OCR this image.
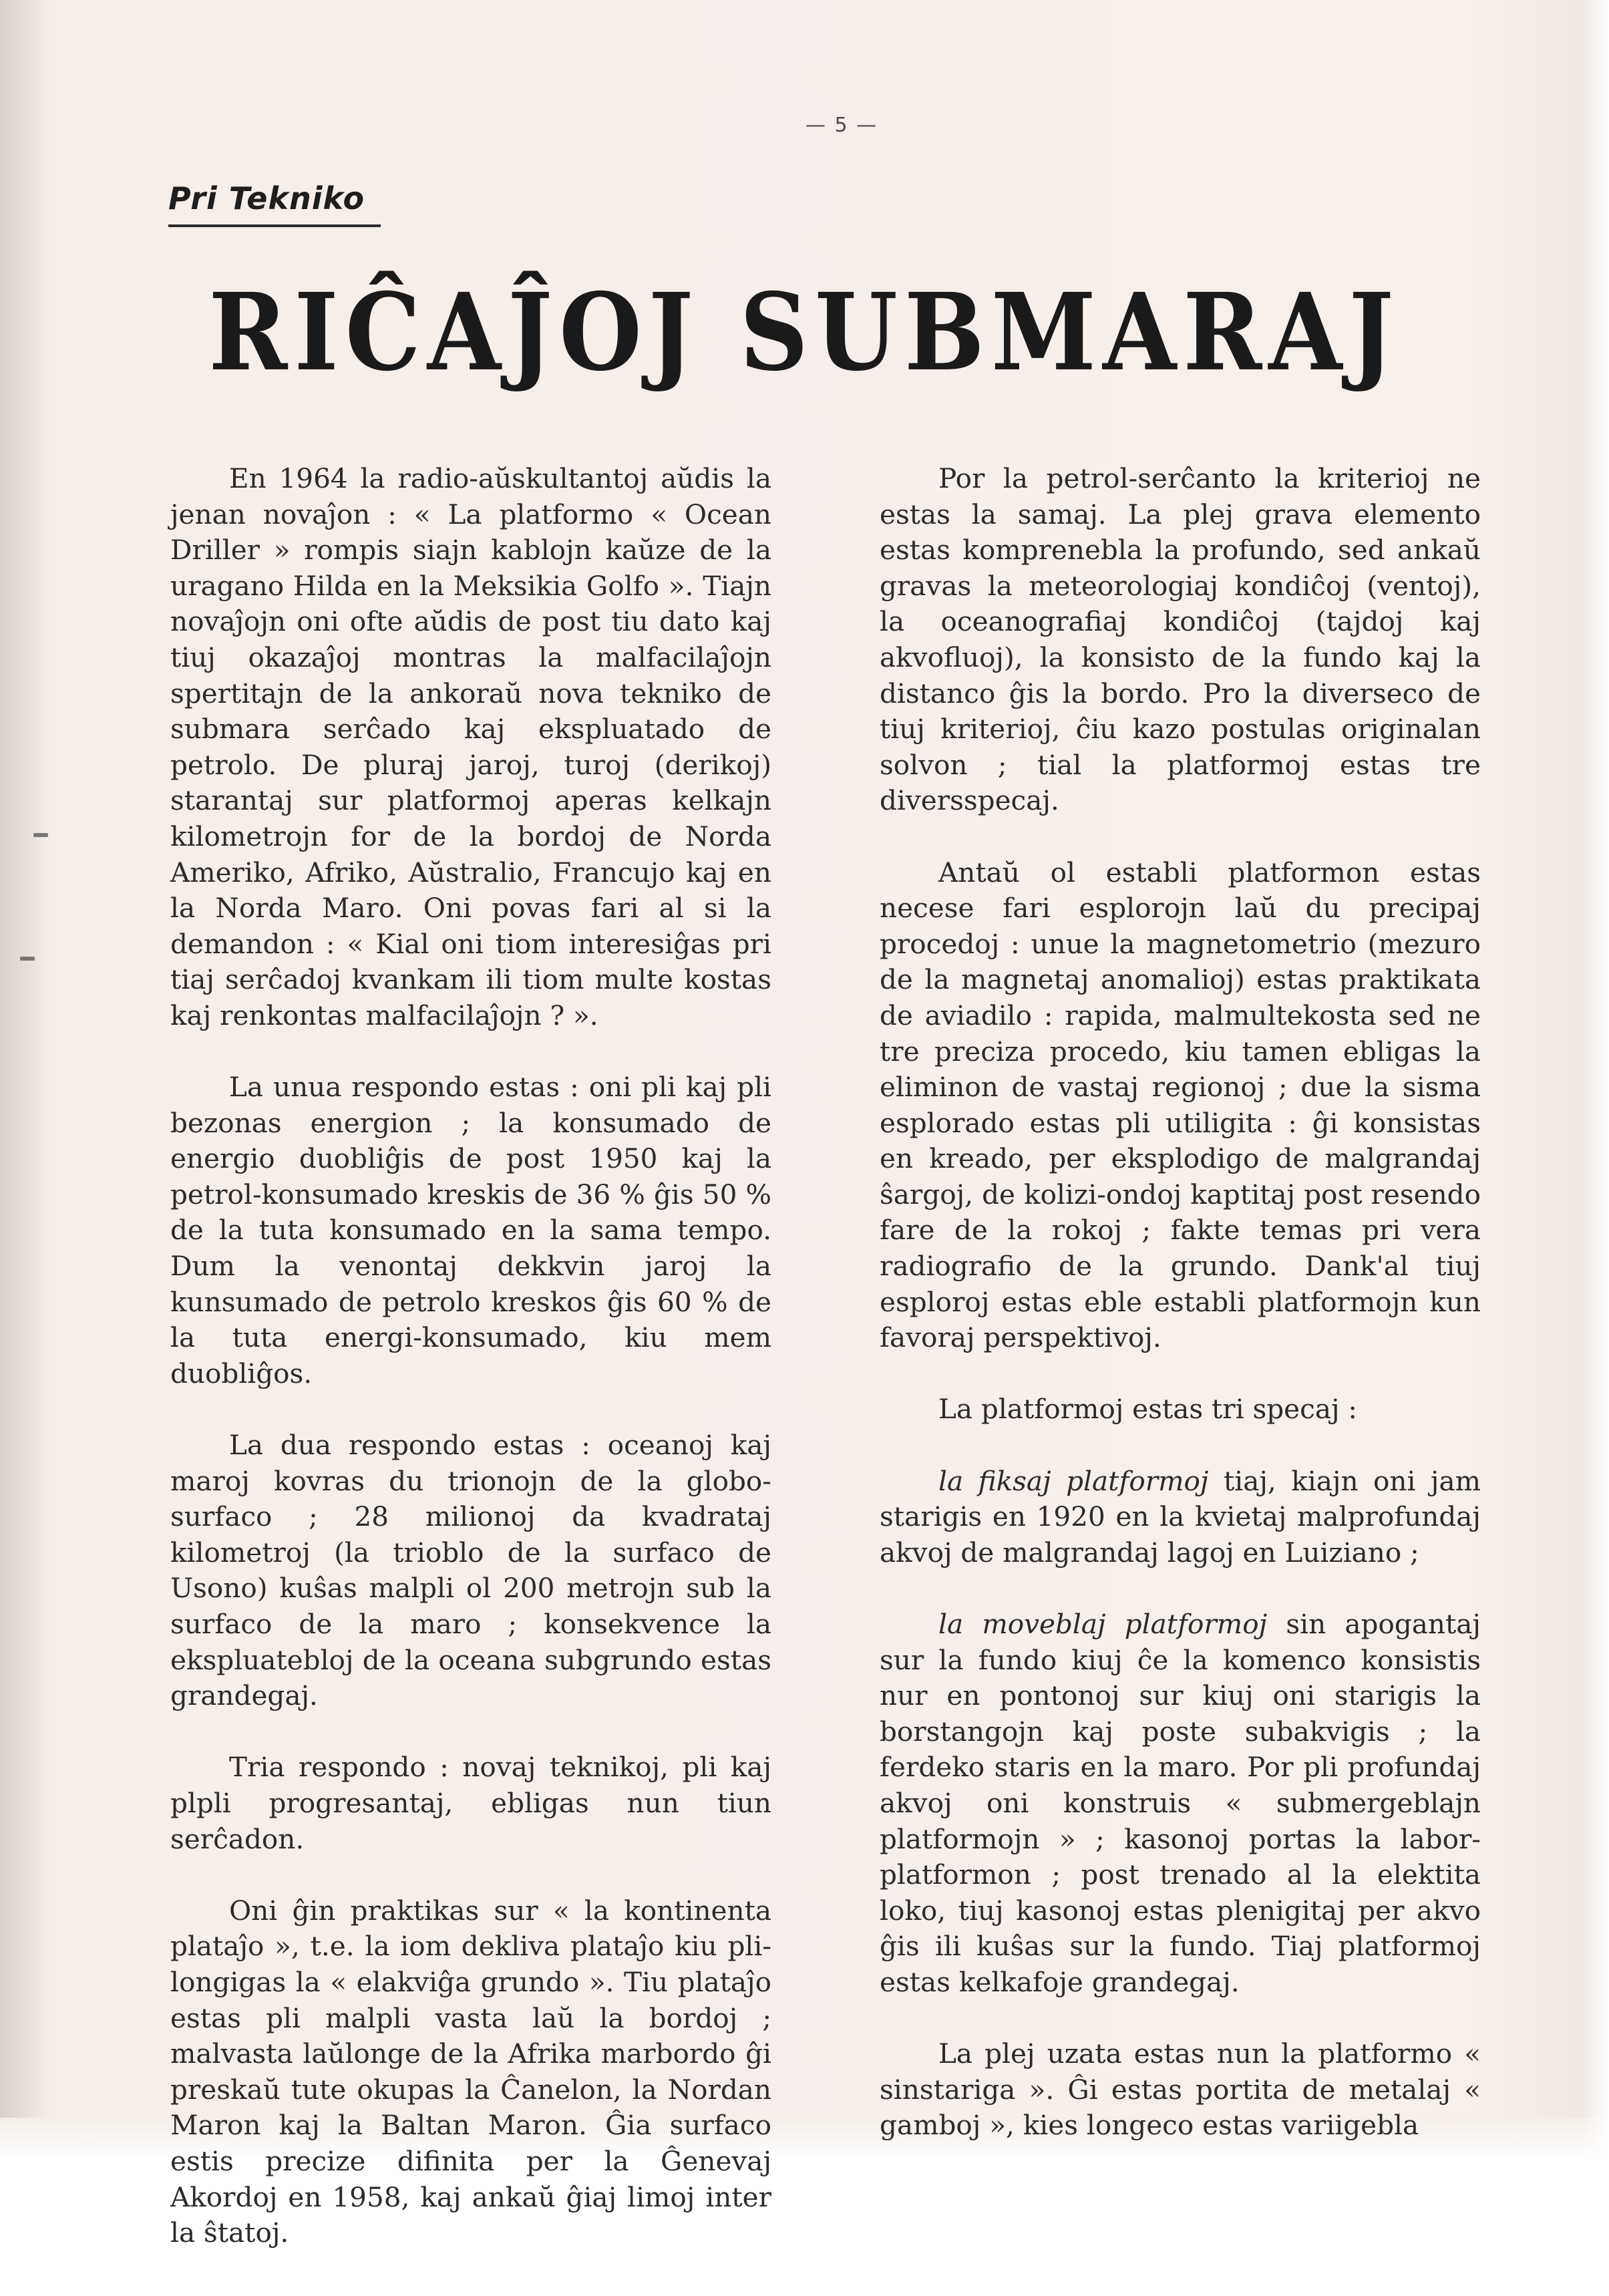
— 5 —
Pri Tekniko
RIĈAĴOJ SUBMARAJ

En 1964 la radio-aŭskultantoj aŭdis la jenan novaĵon : « La platformo « Ocean Driller » rompis siajn kablojn kaŭze de la uragano Hilda en la Meksikia Golfo ». Tiajn novaĵojn oni ofte aŭdis de post tiu dato kaj tiuj okazaĵoj montras la malfacilaĵojn spertitajn de la ankoraŭ nova tekniko de submara serĉado kaj ekspluatado de petrolo. De pluraj jaroj, turoj (derikoj) starantaj sur platformoj aperas kelkajn kilometrojn for de la bordoj de Norda Ameriko, Afriko, Aŭstralio, Francujo kaj en la Norda Maro. Oni povas fari al si la demandon : « Kial oni tiom interesiĝas pri tiaj serĉadoj kvankam ili tiom multe kostas kaj renkontas malfacilaĵojn ? ».

La unua respondo estas : oni pli kaj pli bezonas energion ; la konsumado de energio duobliĝis de post 1950 kaj la petrol-konsumado kreskis de 36 % ĝis 50 % de la tuta konsumado en la sama tempo. Dum la venontaj dekkvin jaroj la kunsumado de petrolo kreskos ĝis 60 % de la tuta energi-konsumado, kiu mem duobliĝos.

La dua respondo estas : oceanoj kaj maroj kovras du trionojn de la globo-surfaco ; 28 milionoj da kvadrataj kilometroj (la trioblo de la surfaco de Usono) kuŝas malpli ol 200 metrojn sub la surfaco de la maro ; konsekvence la ekspluatebloj de la oceana subgrundo estas grandegaj.

Tria respondo : novaj teknikoj, pli kaj plpli progresantaj, ebligas nun tiun serĉadon.

Oni ĝin praktikas sur « la kontinenta plataĵo », t.e. la iom dekliva plataĵo kiu pli-longigas la « elakviĝa grundo ». Tiu plataĵo estas pli malpli vasta laŭ la bordoj ; malvasta laŭlonge de la Afrika marbordo ĝi preskaŭ tute okupas la Ĉanelon, la Nordan Maron kaj la Baltan Maron. Ĝia surfaco estis precize difinita per la Ĝenevaj Akordoj en 1958, kaj ankaŭ ĝiaj limoj inter la ŝtatoj.

Por la petrol-serĉanto la kriterioj ne estas la samaj. La plej grava elemento estas komprenebla la profundo, sed ankaŭ gravas la meteorologiaj kondiĉoj (ventoj), la oceanografiaj kondiĉoj (tajdoj kaj akvofluoj), la konsisto de la fundo kaj la distanco ĝis la bordo. Pro la diverseco de tiuj kriterioj, ĉiu kazo postulas originalan solvon ; tial la platformoj estas tre diversspecaj.

Antaŭ ol establi platformon estas necese fari esplorojn laŭ du precipaj procedoj : unue la magnetometrio (mezuro de la magnetaj anomalioj) estas praktikata de aviadilo : rapida, malmultekosta sed ne tre preciza procedo, kiu tamen ebligas la eliminon de vastaj regionoj ; due la sisma esplorado estas pli utiligita : ĝi konsistas en kreado, per eksplodigo de malgrandaj ŝargoj, de kolizi-ondoj kaptitaj post resendo fare de la rokoj ; fakte temas pri vera radiografio de la grundo. Dank'al tiuj esploroj estas eble establi platformojn kun favoraj perspektivoj.

La platformoj estas tri specaj :

la fiksaj platformoj tiaj, kiajn oni jam starigis en 1920 en la kvietaj malprofundaj akvoj de malgrandaj lagoj en Luiziano ;

la moveblaj platformoj sin apogantaj sur la fundo kiuj ĉe la komenco konsistis nur en pontonoj sur kiuj oni starigis la borstangojn kaj poste subakvigis ; la ferdeko staris en la maro. Por pli profundaj akvoj oni konstruis « submergeblajn platformojn » ; kasonoj portas la labor-platformon ; post trenado al la elektita loko, tiuj kasonoj estas plenigitaj per akvo ĝis ili kuŝas sur la fundo. Tiaj platformoj estas kelkafoje grandegaj.

La plej uzata estas nun la platformo « sinstariga ». Ĝi estas portita de metalaj « gamboj », kies longeco estas variigebla
